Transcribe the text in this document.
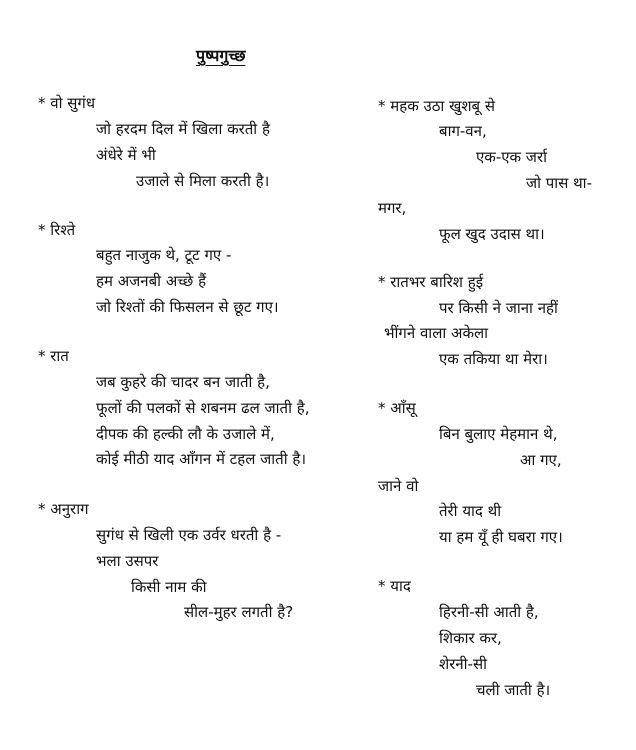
पुष्पगुच्छ
* वो सुगंध
जो हरदम दिल में खिला करती है
अंधेरे में भी
उजाले से मिला करती है।
* रिश्ते
बहुत नाजुक थे, टूट गए -
हम अजनबी अच्छे हैं
जो रिश्तों की फिसलन से छूट गए।
* रात
जब कुहरे की चादर बन जाती है,
फूलों की पलकों से शबनम ढल जाती है,
दीपक की हल्की लौ के उजाले में,
कोई मीठी याद आँगन में टहल जाती है।
* अनुराग
सुगंध से खिली एक उर्वर धरती है -
भला उसपर
किसी नाम की
सील-मुहर लगती है?
* महक उठा खुशबू से
बाग-वन,
एक-एक जर्रा
जो पास था-
मगर,
फूल खुद उदास था।
* रातभर बारिश हुई
पर किसी ने जाना नहीं
भींगने वाला अकेला
एक तकिया था मेरा।
* आँसू
बिन बुलाए मेहमान थे,
आ गए,
जाने वो
तेरी याद थी
या हम यूँ ही घबरा गए।
* याद
हिरनी-सी आती है,
शिकार कर,
शेरनी-सी
चली जाती है।
